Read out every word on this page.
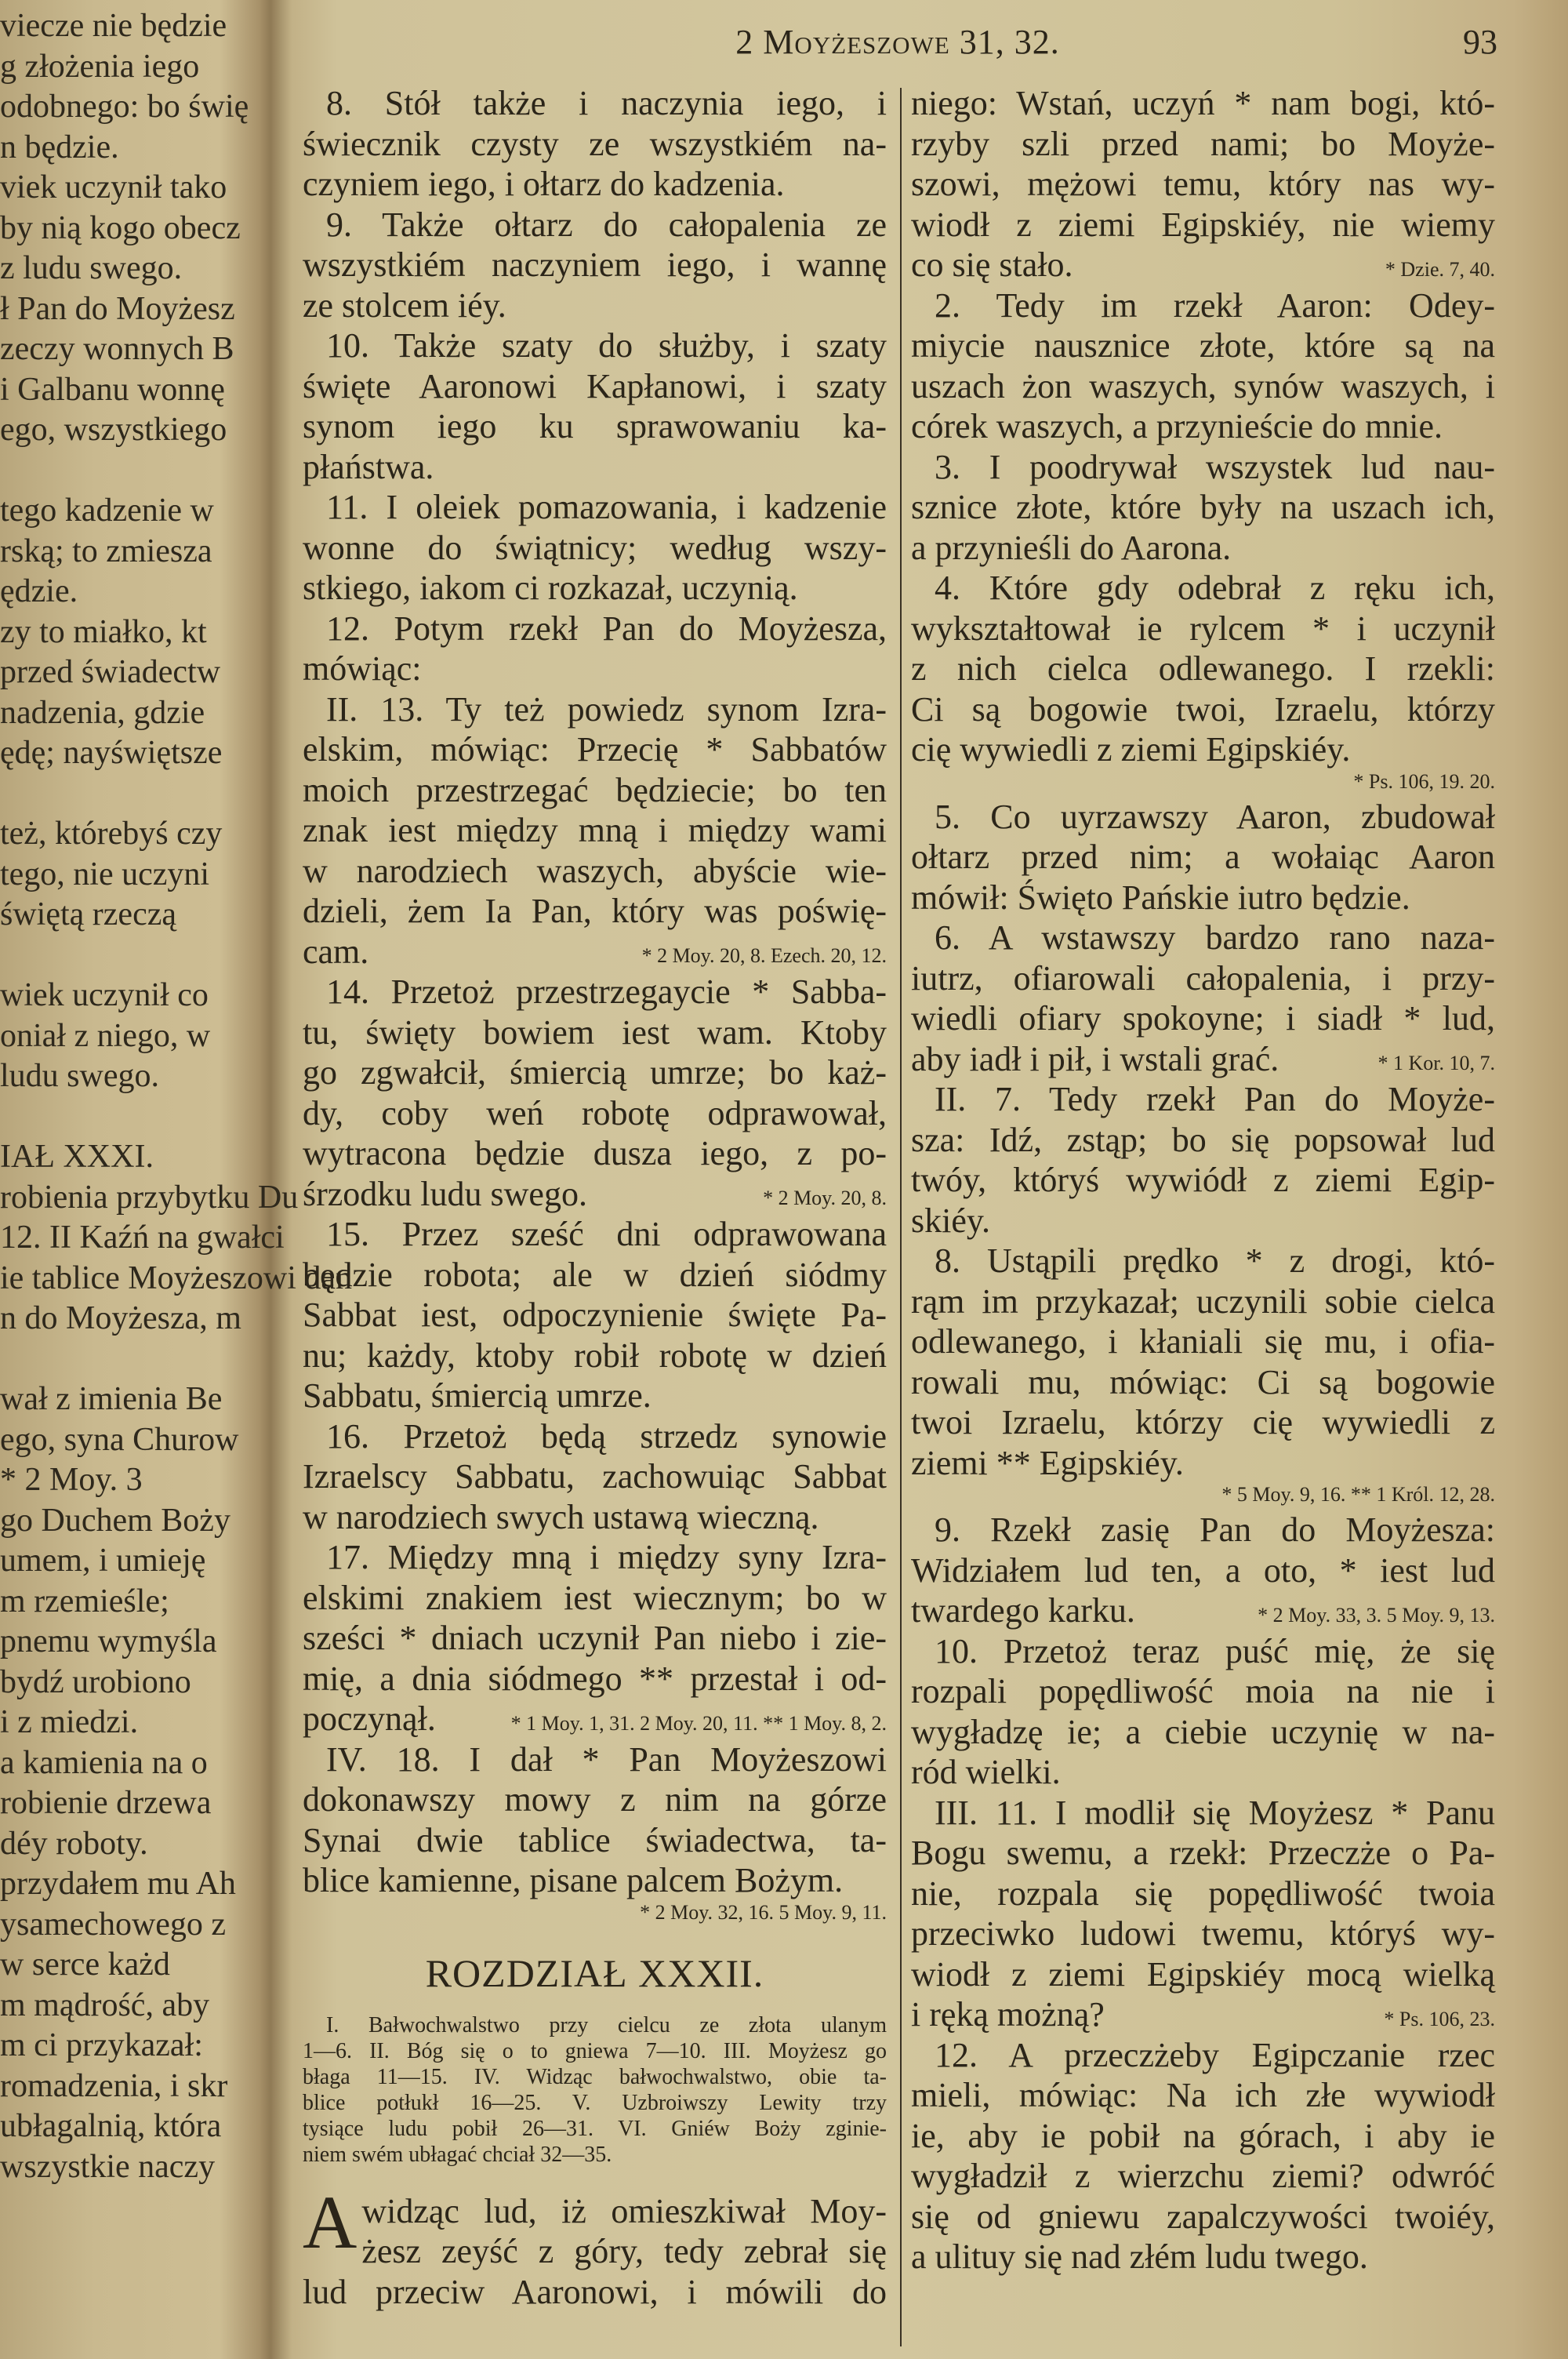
viecze nie będzie
g złożenia iego
odobnego: bo świę
n będzie.
viek uczynił tako
by nią kogo obecz
z ludu swego.
ł Pan do Moyżesz
zeczy wonnych B
i Galbanu wonnę
ego, wszystkiego
tego kadzenie w
rską; to zmiesza
ędzie.
zy to miałko, kt
przed świadectw
nadzenia, gdzie
ędę; nayświętsze
też, którebyś czy
tego, nie uczyni
świętą rzeczą
wiek uczynił co
oniał z niego, w
ludu swego.
IAŁ XXXI.
robienia przybytku Du
12. II Kaźń na gwałci
ie tablice Moyżeszowi dan
n do Moyżesza, m
wał z imienia Be
ego, syna Churow
* 2 Moy. 3
go Duchem Boży
umem, i umieję
m rzemieśle;
pnemu wymyśla
bydź urobiono
i z miedzi.
a kamienia na o
robienie drzewa
déy roboty.
przydałem mu Ah
ysamechowego z
w serce każd
m mądrość, aby
m ci przykazał:
romadzenia, i skr
ubłagalnią, która
wszystkie naczy
2 Moyżeszowe 31, 32.	93
8. Stół także i naczynia iego, i
świecznik czysty ze wszystkiém na-
czyniem iego, i ołtarz do kadzenia.
9. Także ołtarz do całopalenia ze
wszystkiém naczyniem iego, i wannę
ze stolcem iéy.
10. Także szaty do służby, i szaty
święte Aaronowi Kapłanowi, i szaty
synom iego ku sprawowaniu ka-
płaństwa.
11. I oleiek pomazowania, i kadzenie
wonne do świątnicy; według wszy-
stkiego, iakom ci rozkazał, uczynią.
12. Potym rzekł Pan do Moyżesza,
mówiąc:
II. 13. Ty też powiedz synom Izra-
elskim, mówiąc: Przecię * Sabbatów
moich przestrzegać będziecie; bo ten
znak iest między mną i między wami
w narodziech waszych, abyście wie-
dzieli, żem Ia Pan, który was poświę-
cam.	* 2 Moy. 20, 8. Ezech. 20, 12.
14. Przetoż przestrzegaycie * Sabba-
tu, święty bowiem iest wam. Ktoby
go zgwałcił, śmiercią umrze; bo każ-
dy, coby weń robotę odprawował,
wytracona będzie dusza iego, z po-
śrzodku ludu swego.	* 2 Moy. 20, 8.
15. Przez sześć dni odprawowana
będzie robota; ale w dzień siódmy
Sabbat iest, odpoczynienie święte Pa-
nu; każdy, ktoby robił robotę w dzień
Sabbatu, śmiercią umrze.
16. Przetoż będą strzedz synowie
Izraelscy Sabbatu, zachowuiąc Sabbat
w narodziech swych ustawą wieczną.
17. Między mną i między syny Izra-
elskimi znakiem iest wiecznym; bo w
sześci * dniach uczynił Pan niebo i zie-
mię, a dnia siódmego ** przestał i od-
poczynął.	* 1 Moy. 1, 31. 2 Moy. 20, 11. ** 1 Moy. 8, 2.
IV. 18. I dał * Pan Moyżeszowi
dokonawszy mowy z nim na górze
Synai dwie tablice świadectwa, ta-
blice kamienne, pisane palcem Bożym.
* 2 Moy. 32, 16. 5 Moy. 9, 11.
ROZDZIAŁ XXXII.
I. Bałwochwalstwo przy cielcu ze złota ulanym
1—6. II. Bóg się o to gniewa 7—10. III. Moyżesz go
błaga 11—15. IV. Widząc bałwochwalstwo, obie ta-
blice potłukł 16—25. V. Uzbroiwszy Lewity trzy
tysiące ludu pobił 26—31. VI. Gniéw Boży zginie-
niem swém ubłagać chciał 32—35.
A widząc lud, iż omieszkiwał Moy-
żesz zeyść z góry, tedy zebrał się
lud przeciw Aaronowi, i mówili do
niego: Wstań, uczyń * nam bogi, któ-
rzyby szli przed nami; bo Moyże-
szowi, mężowi temu, który nas wy-
wiodł z ziemi Egipskiéy, nie wiemy
co się stało.	* Dzie. 7, 40.
2. Tedy im rzekł Aaron: Odey-
miycie nausznice złote, które są na
uszach żon waszych, synów waszych, i
córek waszych, a przynieście do mnie.
3. I poodrywał wszystek lud nau-
sznice złote, które były na uszach ich,
a przynieśli do Aarona.
4. Które gdy odebrał z ręku ich,
wykształtował ie rylcem * i uczynił
z nich cielca odlewanego. I rzekli:
Ci są bogowie twoi, Izraelu, którzy
cię wywiedli z ziemi Egipskiéy.
* Ps. 106, 19. 20.
5. Co uyrzawszy Aaron, zbudował
ołtarz przed nim; a wołaiąc Aaron
mówił: Święto Pańskie iutro będzie.
6. A wstawszy bardzo rano naza-
iutrz, ofiarowali całopalenia, i przy-
wiedli ofiary spokoyne; i siadł * lud,
aby iadł i pił, i wstali grać.	* 1 Kor. 10, 7.
II. 7. Tedy rzekł Pan do Moyże-
sza: Idź, zstąp; bo się popsował lud
twóy, któryś wywiódł z ziemi Egip-
skiéy.
8. Ustąpili prędko * z drogi, któ-
rąm im przykazał; uczynili sobie cielca
odlewanego, i kłaniali się mu, i ofia-
rowali mu, mówiąc: Ci są bogowie
twoi Izraelu, którzy cię wywiedli z
ziemi ** Egipskiéy.
* 5 Moy. 9, 16. ** 1 Król. 12, 28.
9. Rzekł zasię Pan do Moyżesza:
Widziałem lud ten, a oto, * iest lud
twardego karku.	* 2 Moy. 33, 3. 5 Moy. 9, 13.
10. Przetoż teraz puść mię, że się
rozpali popędliwość moia na nie i
wygładzę ie; a ciebie uczynię w na-
ród wielki.
III. 11. I modlił się Moyżesz * Panu
Bogu swemu, a rzekł: Przeczże o Pa-
nie, rozpala się popędliwość twoia
przeciwko ludowi twemu, któryś wy-
wiodł z ziemi Egipskiéy mocą wielką
i ręką możną?	* Ps. 106, 23.
12. A przeczżeby Egipczanie rzec
mieli, mówiąc: Na ich złe wywiodł
ie, aby ie pobił na górach, i aby ie
wygładził z wierzchu ziemi? odwróć
się od gniewu zapalczywości twoiéy,
a ulituy się nad złém ludu twego.
